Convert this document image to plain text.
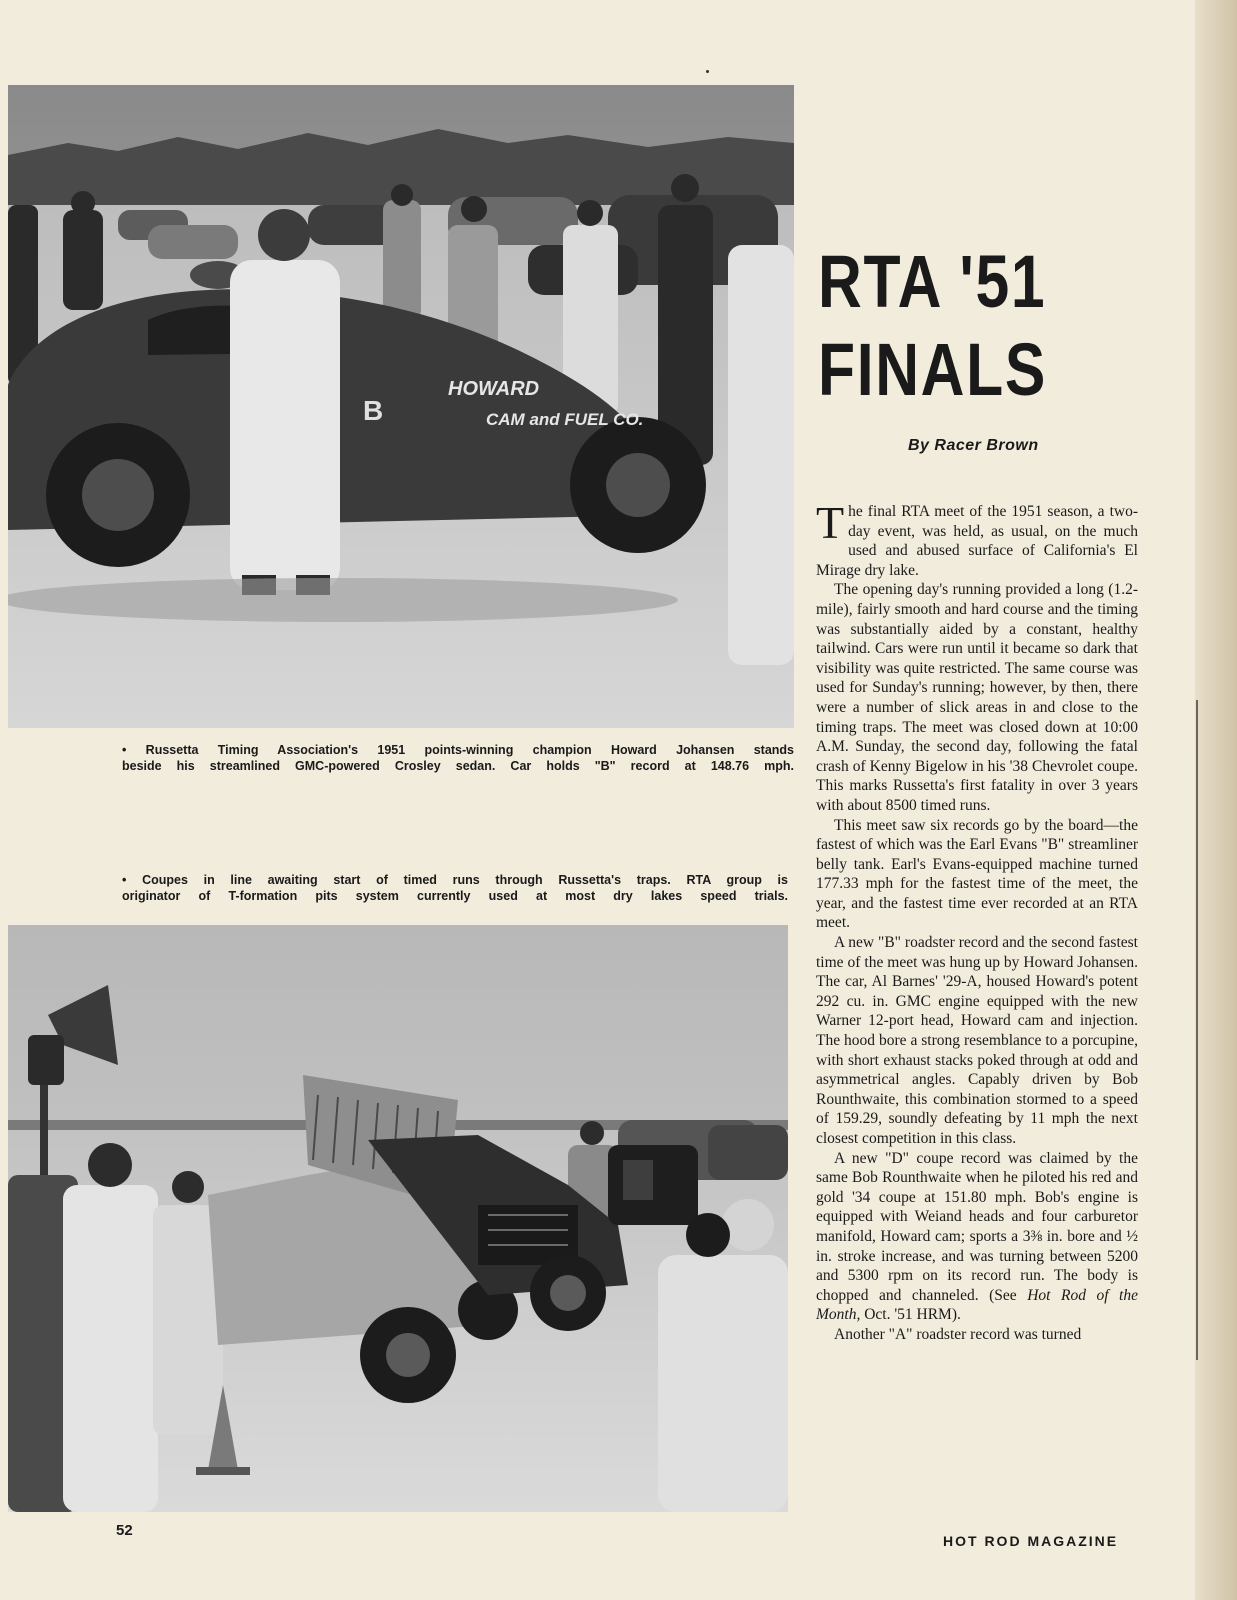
HOWARD
CAM and FUEL CO.
B
• Russetta Timing Association's 1951 points-winning champion Howard Johansen stands
beside his streamlined GMC-powered Crosley sedan. Car holds "B" record at 148.76 mph.
• Coupes in line awaiting start of timed runs through Russetta's traps. RTA group is
originator of T-formation pits system currently used at most dry lakes speed trials.
RTA '51
FINALS
By Racer Brown

The final RTA meet of the 1951 season, a two-day event, was held, as usual, on the much used and abused surface of California's El Mirage dry lake.

The opening day's running provided a long (1.2-mile), fairly smooth and hard course and the timing was substantially aided by a constant, healthy tailwind. Cars were run until it became so dark that visibility was quite restricted. The same course was used for Sunday's running; however, by then, there were a number of slick areas in and close to the timing traps. The meet was closed down at 10:00 A.M. Sunday, the second day, following the fatal crash of Kenny Bigelow in his '38 Chevrolet coupe. This marks Russetta's first fatality in over 3 years with about 8500 timed runs.

This meet saw six records go by the board—the fastest of which was the Earl Evans "B" streamliner belly tank. Earl's Evans-equipped machine turned 177.33 mph for the fastest time of the meet, the year, and the fastest time ever recorded at an RTA meet.

A new "B" roadster record and the second fastest time of the meet was hung up by Howard Johansen. The car, Al Barnes' '29-A, housed Howard's potent 292 cu. in. GMC engine equipped with the new Warner 12-port head, Howard cam and injection. The hood bore a strong resemblance to a porcupine, with short exhaust stacks poked through at odd and asymmetrical angles. Capably driven by Bob Rounthwaite, this combination stormed to a speed of 159.29, soundly defeating by 11 mph the next closest competition in this class.

A new "D" coupe record was claimed by the same Bob Rounthwaite when he piloted his red and gold '34 coupe at 151.80 mph. Bob's engine is equipped with Weiand heads and four carburetor manifold, Howard cam; sports a 3⅜ in. bore and ½ in. stroke increase, and was turning between 5200 and 5300 rpm on its record run. The body is chopped and channeled. (See Hot Rod of the Month, Oct. '51 HRM).

Another "A" roadster record was turned

52
HOT ROD MAGAZINE
